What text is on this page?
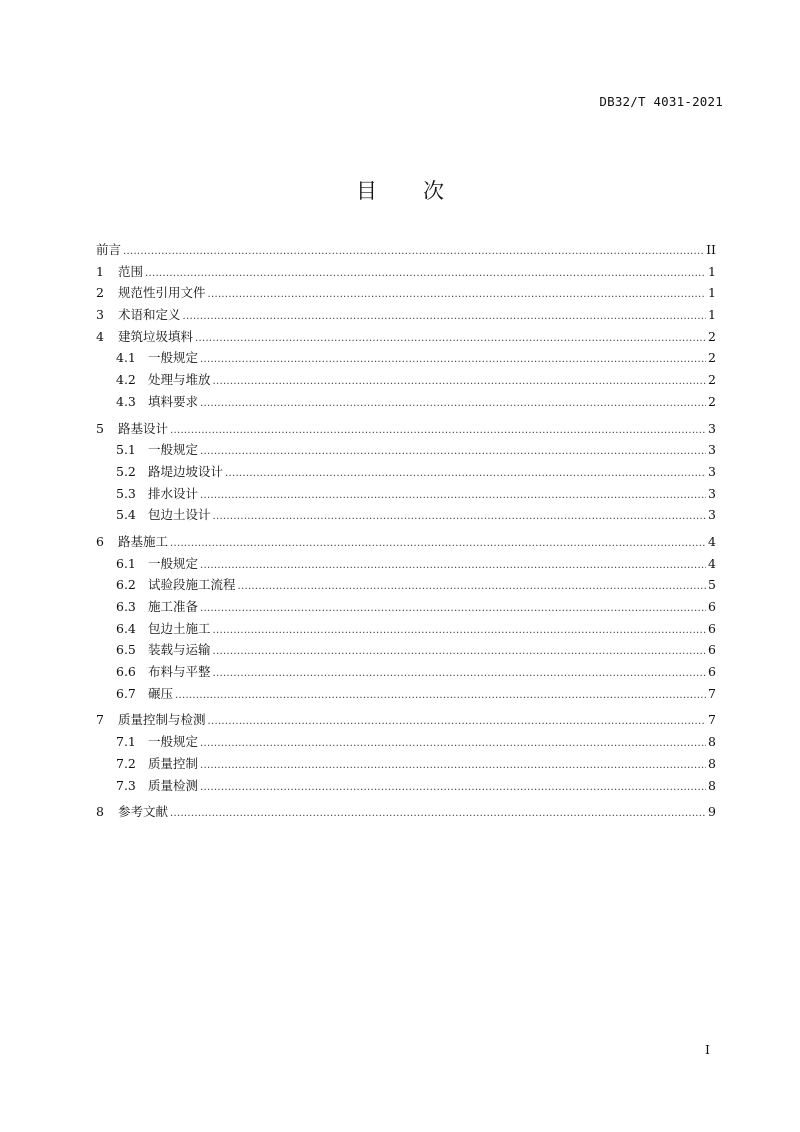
DB32/T 4031-2021
目 次
前言 .....	II
1	范围 .....	1
2	规范性引用文件 .....	1
3	术语和定义 .....	1
4	建筑垃圾填料 .....	2
4.1 一般规定 .....	2
4.2 处理与堆放 .....	2
4.3 填料要求 .....	2
5	路基设计 .....	3
5.1 一般规定 .....	3
5.2 路堤边坡设计 .....	3
5.3 排水设计 .....	3
5.4 包边土设计 .....	3
6	路基施工 .....	4
6.1 一般规定 .....	4
6.2 试验段施工流程 .....	5
6.3 施工准备 .....	6
6.4 包边土施工 .....	6
6.5 装载与运输 .....	6
6.6 布料与平整 .....	6
6.7 碾压 .....	7
7	质量控制与检测 .....	7
7.1 一般规定 .....	8
7.2 质量控制 .....	8
7.3 质量检测 .....	8
8	参考文献 .....	9
I
